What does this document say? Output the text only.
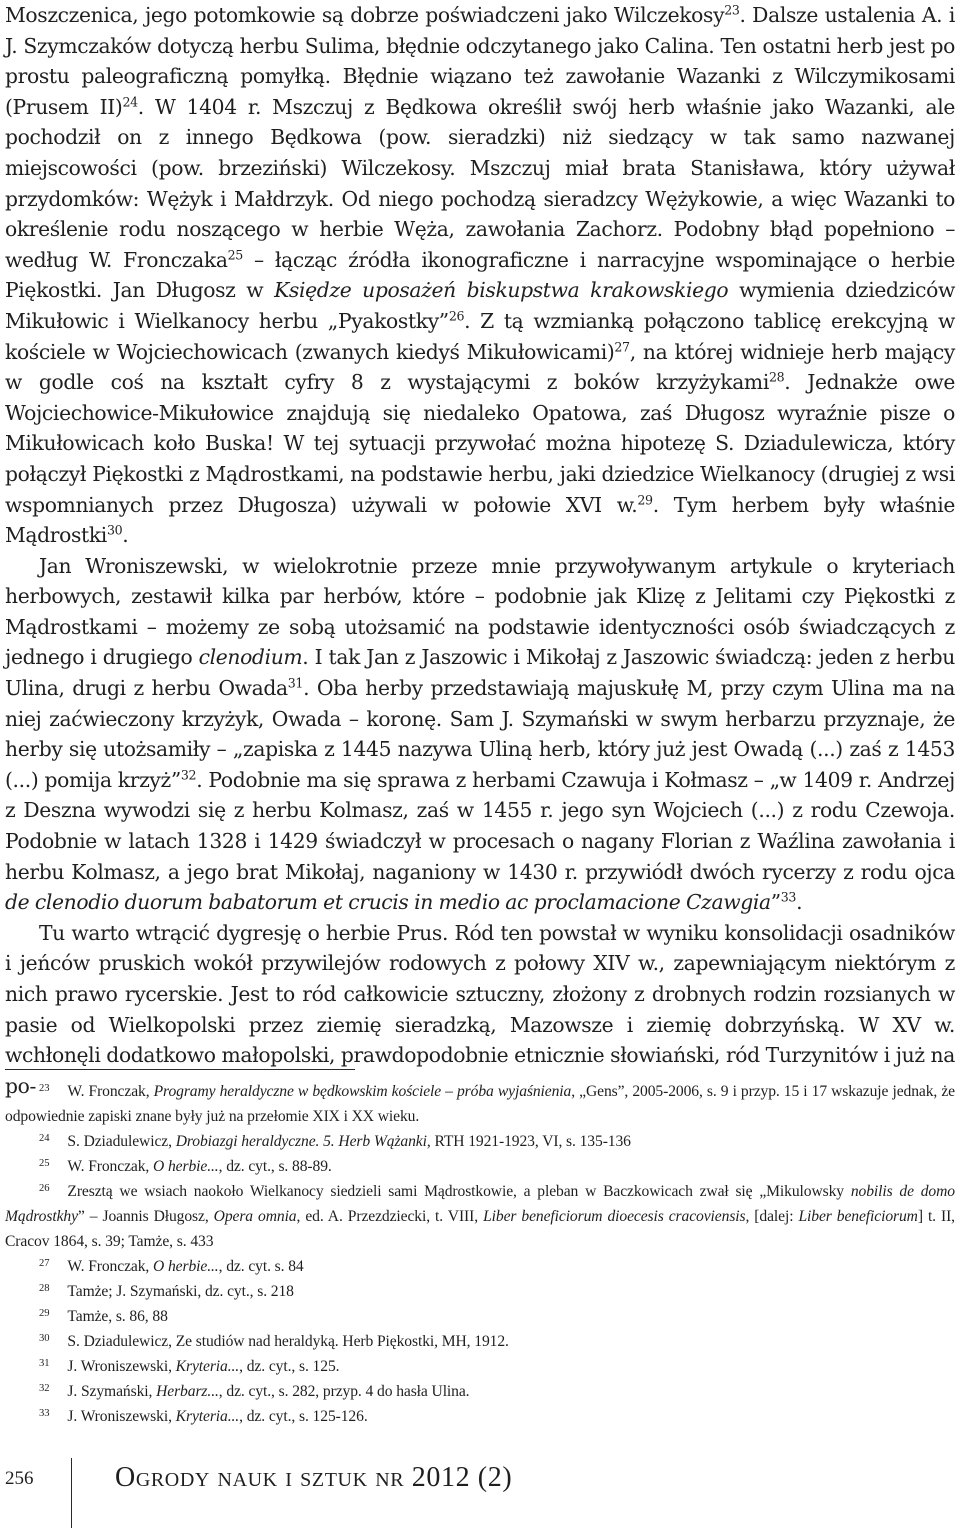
Moszczenica, jego potomkowie są dobrze poświadczeni jako Wilczekosy$^{23}$. Dalsze ustalenia A. i J. Szymczaków dotyczą herbu Sulima, błędnie odczytanego jako Calina. Ten ostatni herb jest po prostu paleograficzną pomyłką. Błędnie wiązano też zawołanie Wazanki z Wilczymikosami (Prusem II)$^{24}$. W 1404 r. Mszczuj z Będkowa określił swój herb właśnie jako Wazanki, ale pochodził on z innego Będkowa (pow. sieradzki) niż siedzący w tak samo nazwanej miejscowości (pow. brzeziński) Wilczekosy. Mszczuj miał brata Stanisława, który używał przydomków: Wężyk i Małdrzyk. Od niego pochodzą sieradzcy Wężykowie, a więc Wazanki to określenie rodu noszącego w herbie Węża, zawołania Zachorz. Podobny błąd popełniono – według W. Fronczaka$^{25}$ – łącząc źródła ikonograficzne i narracyjne wspominające o herbie Piękostki. Jan Długosz w Księdze uposażeń biskupstwa krakowskiego wymienia dziedziców Mikułowic i Wielkanocy herbu „Pyakostky”$^{26}$. Z tą wzmianką połączono tablicę erekcyjną w kościele w Wojciechowicach (zwanych kiedyś Mikułowicami)$^{27}$, na której widnieje herb mający w godle coś na kształt cyfry 8 z wystającymi z boków krzyżykami$^{28}$. Jednakże owe Wojciechowice-Mikułowice znajdują się niedaleko Opatowa, zaś Długosz wyraźnie pisze o Mikułowicach koło Buska! W tej sytuacji przywołać można hipotezę S. Dziadulewicza, który połączył Piękostki z Mądrostkami, na podstawie herbu, jaki dziedzice Wielkanocy (drugiej z wsi wspomnianych przez Długosza) używali w połowie XVI w.$^{29}$. Tym herbem były właśnie Mądrostki$^{30}$.

Jan Wroniszewski, w wielokrotnie przeze mnie przywoływanym artykule o kryteriach herbowych, zestawił kilka par herbów, które – podobnie jak Klizę z Jelitami czy Piękostki z Mądrostkami – możemy ze sobą utożsamić na podstawie identyczności osób świadczących z jednego i drugiego clenodium. I tak Jan z Jaszowic i Mikołaj z Jaszowic świadczą: jeden z herbu Ulina, drugi z herbu Owada$^{31}$. Oba herby przedstawiają majuskułę M, przy czym Ulina ma na niej zaćwieczony krzyżyk, Owada – koronę. Sam J. Szymański w swym herbarzu przyznaje, że herby się utożsamiły – „zapiska z 1445 nazywa Uliną herb, który już jest Owadą (...) zaś z 1453 (...) pomija krzyż”$^{32}$. Podobnie ma się sprawa z herbami Czawuja i Kołmasz – „w 1409 r. Andrzej z Deszna wywodzi się z herbu Kolmasz, zaś w 1455 r. jego syn Wojciech (...) z rodu Czewoja. Podobnie w latach 1328 i 1429 świadczył w procesach o nagany Florian z Waźlina zawołania i herbu Kolmasz, a jego brat Mikołaj, naganiony w 1430 r. przywiódł dwóch rycerzy z rodu ojca de clenodio duorum babatorum et crucis in medio ac proclamacione Czawgia”$^{33}$.

Tu warto wtrącić dygresję o herbie Prus. Ród ten powstał w wyniku konsolidacji osadników i jeńców pruskich wokół przywilejów rodowych z połowy XIV w., zapewniającym niektórym z nich prawo rycerskie. Jest to ród całkowicie sztuczny, złożony z drobnych rodzin rozsianych w pasie od Wielkopolski przez ziemię sieradzką, Mazowsze i ziemię dobrzyńską. W XV w. wchłonęli dodatkowo małopolski, prawdopodobnie etnicznie słowiański, ród Turzynitów i już na po- $^{23}$ W. Fronczak, Programy heraldyczne w będkowskim kościele – próba wyjaśnienia, „Gens”, 2005-2006, s. 9 i przyp. 15 i 17 wskazuje jednak, że odpowiednie zapiski znane były już na przełomie XIX i XX wieku.

$^{24}$ S. Dziadulewicz, Drobiazgi heraldyczne. 5. Herb Wążanki, RTH 1921-1923, VI, s. 135-136

$^{25}$ W. Fronczak, O herbie..., dz. cyt., s. 88-89.

$^{26}$ Zresztą we wsiach naokoło Wielkanocy siedzieli sami Mądrostkowie, a pleban w Baczkowicach zwał się „Mikulowsky nobilis de domo Mądrostkhy” – Joannis Długosz, Opera omnia, ed. A. Przezdziecki, t. VIII, Liber beneficiorum dioecesis cracoviensis, [dalej: Liber beneficiorum] t. II, Cracov 1864, s. 39; Tamże, s. 433

$^{27}$ W. Fronczak, O herbie..., dz. cyt. s. 84

$^{28}$ Tamże; J. Szymański, dz. cyt., s. 218

$^{29}$ Tamże, s. 86, 88

$^{30}$ S. Dziadulewicz, Ze studiów nad heraldyką. Herb Piękostki, MH, 1912.

$^{31}$ J. Wroniszewski, Kryteria..., dz. cyt., s. 125.

$^{32}$ J. Szymański, Herbarz..., dz. cyt., s. 282, przyp. 4 do hasła Ulina.

$^{33}$ J. Wroniszewski, Kryteria..., dz. cyt., s. 125-126.

256	Ogrody nauk i sztuk nr 2012 (2)
